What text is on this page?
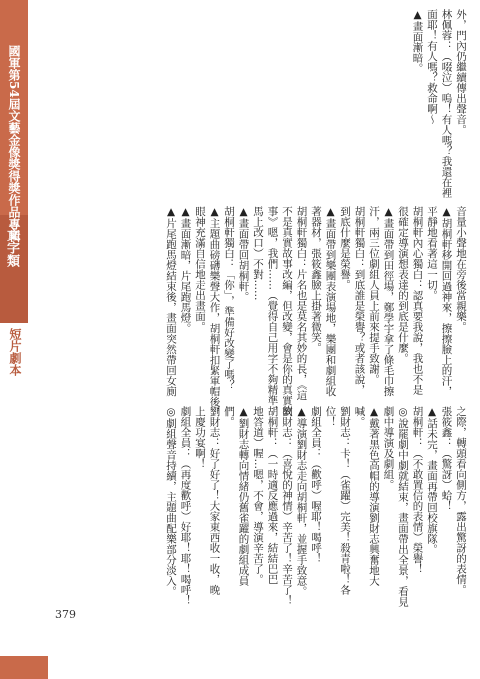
國軍第54屆文藝金像獎得獎作品專輯
文字類
短片劇本
379
外，門內仍繼續傳出聲音。
林佩蓉：（啜泣）嗚！有人嗎？我還在裡
面耶！有人嗎？救命啊～
▲畫面漸暗。
音量小聲地在旁後當親樂。
▲胡桐軒移開回過神來，擦擦臉上的汗，
平靜地看著這一切。
胡桐軒內心獨白：認真要我說，我也不是
很確定導演想表達的到底是什麼。
▲畫面帶到田徑場，鄭學宇拿了條毛巾擦
汗，兩三位劇組人員上前來提手致謝。
胡桐軒獨白：到底誰是榮譽？或者該說，
到底什麼是榮譽。
▲畫面帶到樂團表演場地，樂團和劇組收
著器材，張筱鑫臉上掛著微笑。
胡桐軒獨白：片名也是莫名其妙的長，《這
不是真實故事改編，但改變，會是你的真實故
事》嗯，我們……（覺得自己用字不夠精準，
馬上改口）不對……
▲畫面帶回胡桐軒。
胡桐軒獨白：「你」，準備好改變了嗎？
▲主題曲磅礴樂聲大作，胡桐軒扣緊軍帽後，
眼神充滿自信地走出畫面。
▲畫面漸暗，片尾跑馬燈。
▲片尾跑馬燈結束後，畫面突然帶回女廁
之際，轉頭看向側方，露出驚訝的表情。
張筱鑫：（驚訝）蛤！
▲話未完，畫面再帶回校旗隊。
胡桐軒：（不敢置信的表情）榮譽！
◎說罷劇中劇就結束，畫面帶出全景，看見
劇中導演及劇組。
▲戴著黑色高帽的導演劉財志興奮地大
喊。
劉財志：卡！（雀躍）完美！殺青啦！各
位！
劇組全員：（歡呼）喔耶！喝呼！
▲導演劉財志走向胡桐軒，並握手致意。
劉財志：（喜悅的神情）辛苦了！辛苦了！
胡桐軒：（一時適反應過來，結結巴巴
地答道）喔…嗯，不會，導演辛苦了。
▲劉財志轉向情緒仍舊雀躍的劇組成員
們。
劉財志：好了好了！大家東西收一收，晚
上慶功宴啊！
劇組全員：（再度歡呼）好耶！耶！喝呼！
◎劇組聲音持續，主題曲配樂部分淡入。
